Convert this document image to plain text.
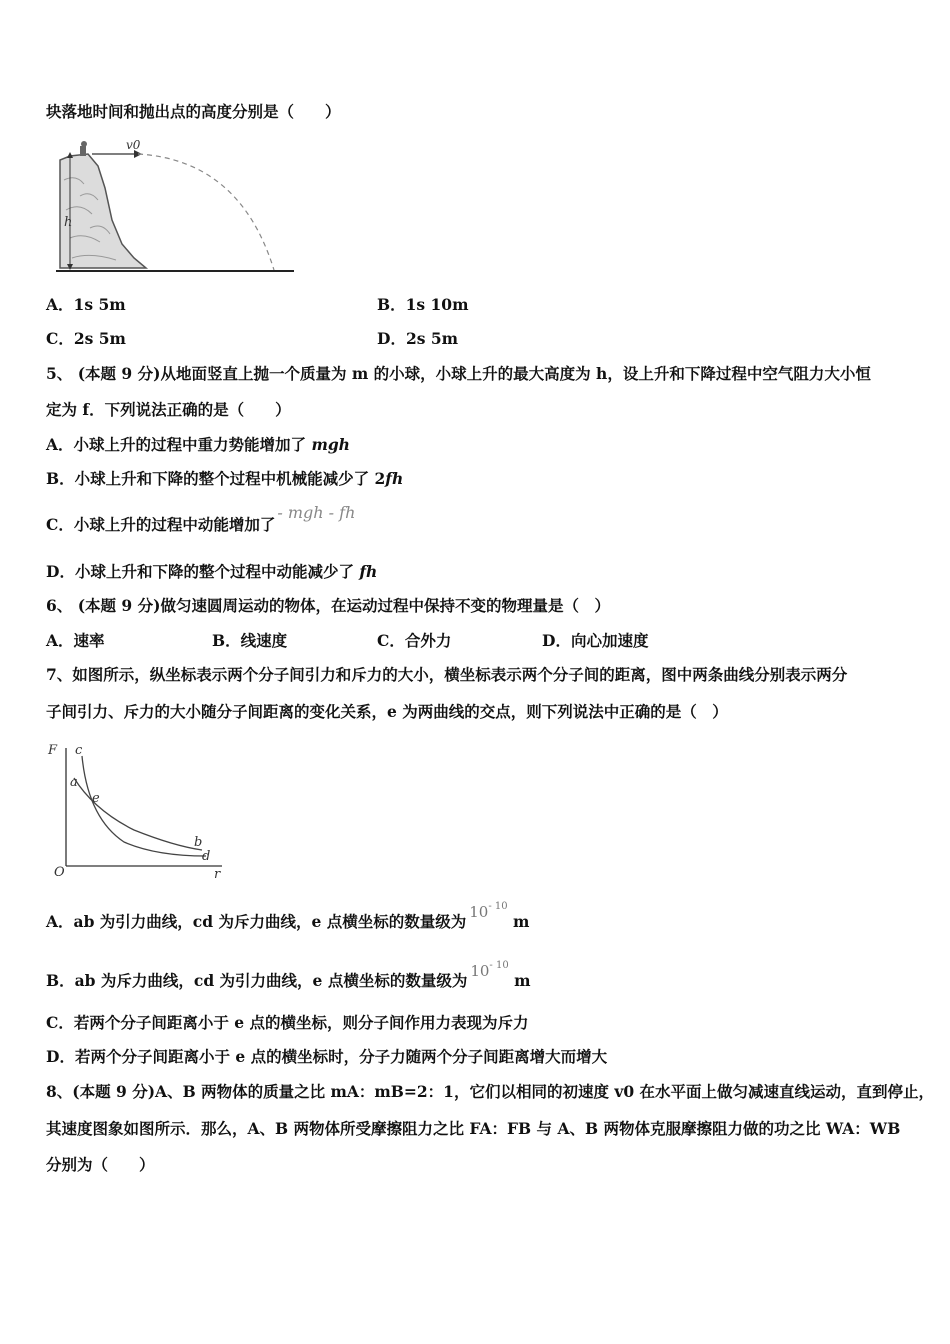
块落地时间和抛出点的高度分别是（　　）
h
v0
A．1s 5m	B．1s 10m
C．2s 5m	D．2s 5m
5、 (本题 9 分)从地面竖直上抛一个质量为 m 的小球，小球上升的最大高度为 h，设上升和下降过程中空气阻力大小恒
定为 f．下列说法正确的是（　　）
A．小球上升的过程中重力势能增加了 mgh
B．小球上升和下降的整个过程中机械能减少了 2fh
C．小球上升的过程中动能增加了- mgh - fh
D．小球上升和下降的整个过程中动能减少了 fh
6、 (本题 9 分)做匀速圆周运动的物体，在运动过程中保持不变的物理量是（　）
A．速率	B．线速度	C．合外力	D．向心加速度
7、如图所示，纵坐标表示两个分子间引力和斥力的大小，横坐标表示两个分子间的距离，图中两条曲线分别表示两分
子间引力、斥力的大小随分子间距离的变化关系，e 为两曲线的交点，则下列说法中正确的是（　）
F
r
O
a
b
c
d
e
A．ab 为引力曲线，cd 为斥力曲线，e 点横坐标的数量级为 $10^{- 10}$ m
B．ab 为斥力曲线，cd 为引力曲线，e 点横坐标的数量级为 $10^{- 10}$ m
C．若两个分子间距离小于 e 点的横坐标，则分子间作用力表现为斥力
D．若两个分子间距离小于 e 点的横坐标时，分子力随两个分子间距离增大而增大
8、(本题 9 分)A、B 两物体的质量之比 mA：mB=2：1，它们以相同的初速度 v0 在水平面上做匀减速直线运动，直到停止，
其速度图象如图所示．那么，A、B 两物体所受摩擦阻力之比 FA：FB 与 A、B 两物体克服摩擦阻力做的功之比 WA：WB
分别为（　　）
